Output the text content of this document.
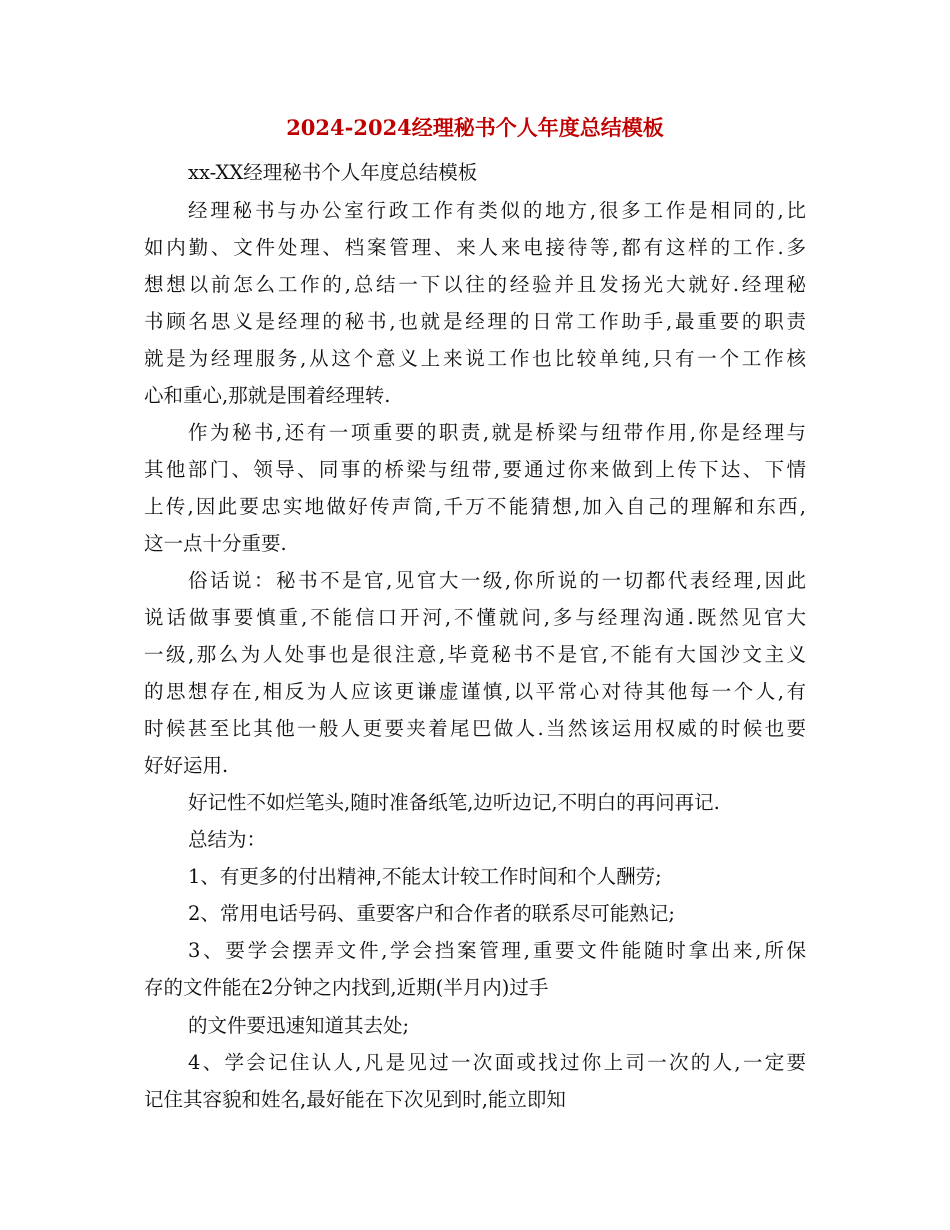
2024-2024经理秘书个人年度总结模板
xx-XX经理秘书个人年度总结模板
经理秘书与办公室行政工作有类似的地方,很多工作是相同的,比
如内勤、文件处理、档案管理、来人来电接待等,都有这样的工作.多
想想以前怎么工作的,总结一下以往的经验并且发扬光大就好.经理秘
书顾名思义是经理的秘书,也就是经理的日常工作助手,最重要的职责
就是为经理服务,从这个意义上来说工作也比较单纯,只有一个工作核
心和重心,那就是围着经理转.
作为秘书,还有一项重要的职责,就是桥梁与纽带作用,你是经理与
其他部门、领导、同事的桥梁与纽带,要通过你来做到上传下达、下情
上传,因此要忠实地做好传声筒,千万不能猜想,加入自己的理解和东西,
这一点十分重要.
俗话说：秘书不是官,见官大一级,你所说的一切都代表经理,因此
说话做事要慎重,不能信口开河,不懂就问,多与经理沟通.既然见官大
一级,那么为人处事也是很注意,毕竟秘书不是官,不能有大国沙文主义
的思想存在,相反为人应该更谦虚谨慎,以平常心对待其他每一个人,有
时候甚至比其他一般人更要夹着尾巴做人.当然该运用权威的时候也要
好好运用.
好记性不如烂笔头,随时准备纸笔,边听边记,不明白的再问再记.
总结为：
1、有更多的付出精神,不能太计较工作时间和个人酬劳;
2、常用电话号码、重要客户和合作者的联系尽可能熟记;
3、要学会摆弄文件,学会挡案管理,重要文件能随时拿出来,所保
存的文件能在2分钟之内找到,近期(半月内)过手
的文件要迅速知道其去处;
4、学会记住认人,凡是见过一次面或找过你上司一次的人,一定要
记住其容貌和姓名,最好能在下次见到时,能立即知
